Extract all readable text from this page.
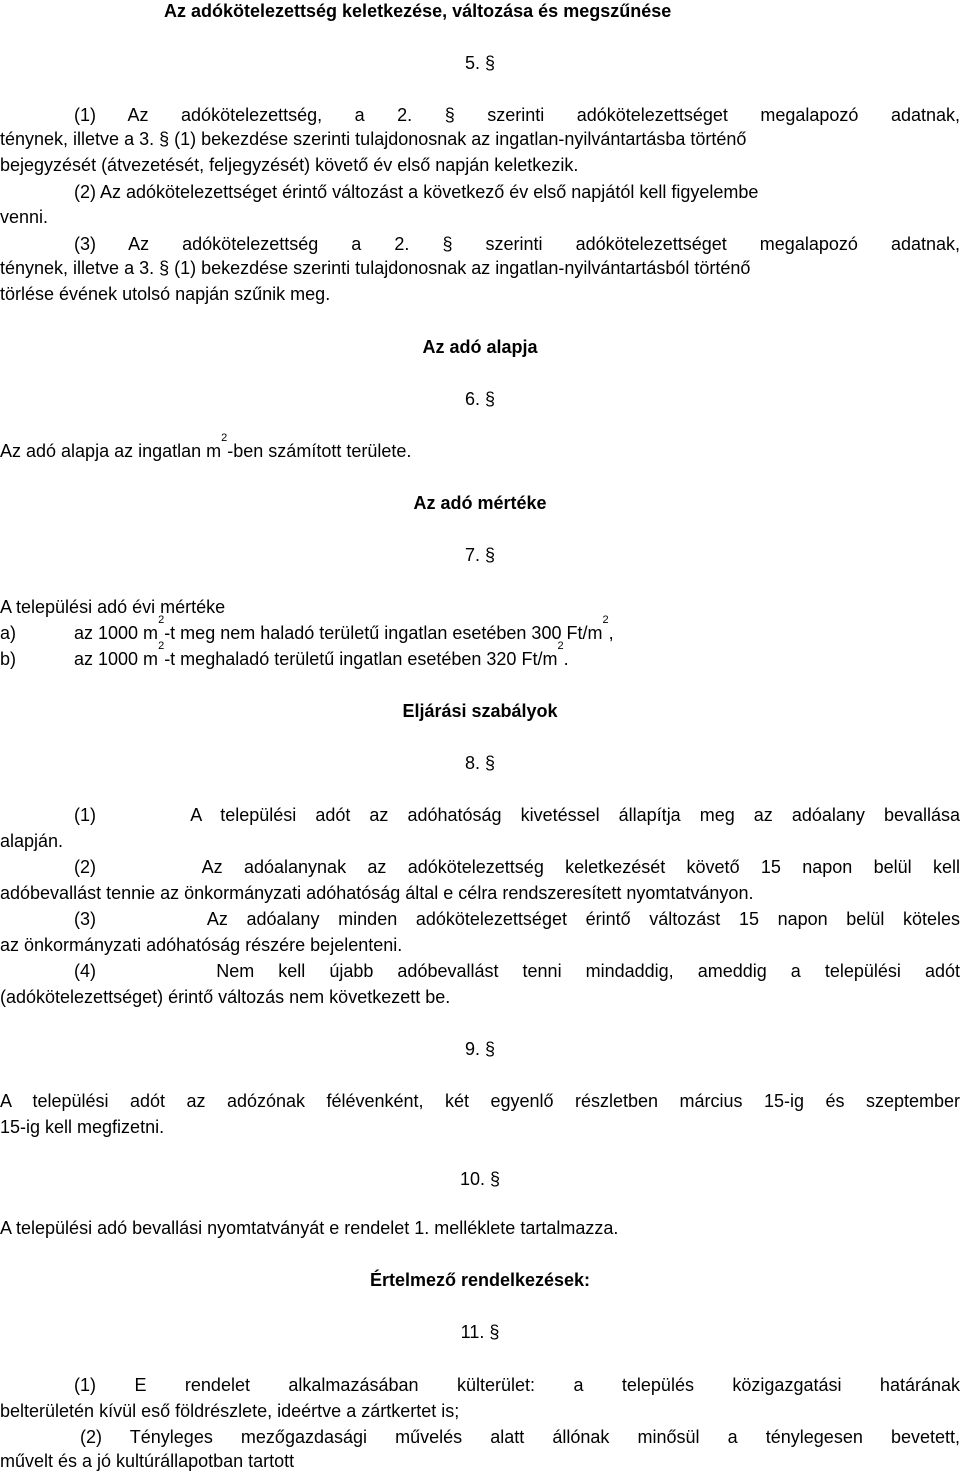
Az adókötelezettség keletkezése, változása és megszűnése
5. §
(1) Az adókötelezettség, a 2. § szerinti adókötelezettséget megalapozó adatnak,
ténynek, illetve a 3. § (1) bekezdése szerinti tulajdonosnak az ingatlan-nyilvántartásba történő
bejegyzését (átvezetését, feljegyzését) követő év első napján keletkezik.
(2) Az adókötelezettséget érintő változást a következő év első napjától kell figyelembe
venni.
(3) Az adókötelezettség a 2. § szerinti adókötelezettséget megalapozó adatnak,
ténynek, illetve a 3. § (1) bekezdése szerinti tulajdonosnak az ingatlan-nyilvántartásból történő
törlése évének utolsó napján szűnik meg.
Az adó alapja
6. §
Az adó alapja az ingatlan $m^2$-ben számított területe.
Az adó mértéke
7. §
A települési adó évi mértéke
a)	az 1000 $m^2-t$ meg nem haladó területű ingatlan esetében 300 $Ft/m^2$,
b)	az 1000 $m^2-t$ meghaladó területű ingatlan esetében 320 $Ft/m^2$.
Eljárási szabályok
8. §
(1)     A települési adót az adóhatóság kivetéssel állapítja meg az adóalany bevallása
alapján.
(2)     Az adóalanynak az adókötelezettség keletkezését követő 15 napon belül kell
adóbevallást tennie az önkormányzati adóhatóság által e célra rendszeresített nyomtatványon.
(3)      Az adóalany minden adókötelezettséget érintő változást 15 napon belül köteles
az önkormányzati adóhatóság részére bejelenteni.
(4)     Nem kell újabb adóbevallást tenni mindaddig, ameddig a települési adót
(adókötelezettséget) érintő változás nem következett be.
9. §
A települési adót az adózónak félévenként, két egyenlő részletben március 15-ig és szeptember
15-ig kell megfizetni.
10. §
A települési adó bevallási nyomtatványát e rendelet 1. melléklete tartalmazza.
Értelmező rendelkezések:
11. §
(1) E rendelet alkalmazásában külterület: a település közigazgatási határának
belterületén kívül eső földrészlete, ideértve a zártkertet is;
(2) Tényleges mezőgazdasági művelés alatt állónak minősül a ténylegesen bevetett,
művelt és a jó kultúrállapotban tartott
